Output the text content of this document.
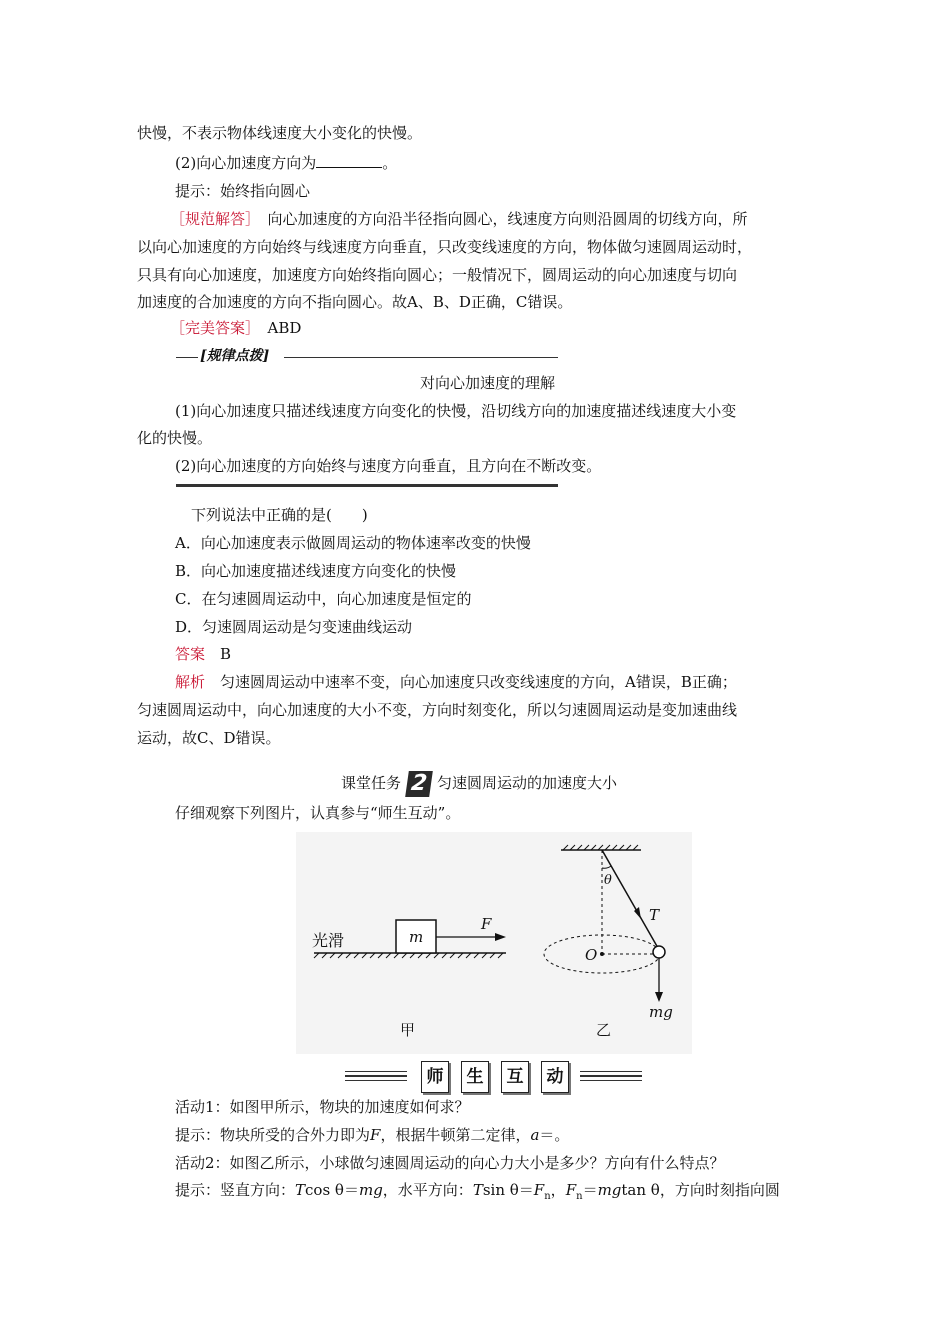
快慢，不表示物体线速度大小变化的快慢。
(2)向心加速度方向为	。
提示：始终指向圆心
［规范解答］　向心加速度的方向沿半径指向圆心，线速度方向则沿圆周的切线方向，所
以向心加速度的方向始终与线速度方向垂直，只改变线速度的方向，物体做匀速圆周运动时，
只具有向心加速度，加速度方向始终指向圆心；一般情况下，圆周运动的向心加速度与切向
加速度的合加速度的方向不指向圆心。故A、B、D正确，C错误。
［完美答案］　ABD
[规律点拨]
对向心加速度的理解
(1)向心加速度只描述线速度方向变化的快慢，沿切线方向的加速度描述线速度大小变
化的快慢。
(2)向心加速度的方向始终与速度方向垂直，且方向在不断改变。
下列说法中正确的是(　　)
A．向心加速度表示做圆周运动的物体速率改变的快慢
B．向心加速度描述线速度方向变化的快慢
C．在匀速圆周运动中，向心加速度是恒定的
D．匀速圆周运动是匀变速曲线运动
答案　B
解析　匀速圆周运动中速率不变，向心加速度只改变线速度的方向，A错误，B正确；
匀速圆周运动中，向心加速度的大小不变，方向时刻变化，所以匀速圆周运动是变加速曲线
运动，故C、D错误。
课堂任务 2 匀速圆周运动的加速度大小
仔细观察下列图片，认真参与“师生互动”。
光滑	m
F
甲
θ
T
O
mg
乙
师	生	互	动
活动1：如图甲所示，物块的加速度如何求？
提示：物块所受的合外力即为F，根据牛顿第二定律，a＝。
活动2：如图乙所示，小球做匀速圆周运动的向心力大小是多少？方向有什么特点？
提示：竖直方向：Tcos θ＝mg，水平方向：Tsin $\theta=F_n$，$F_n=mgtan$ θ，方向时刻指向圆
